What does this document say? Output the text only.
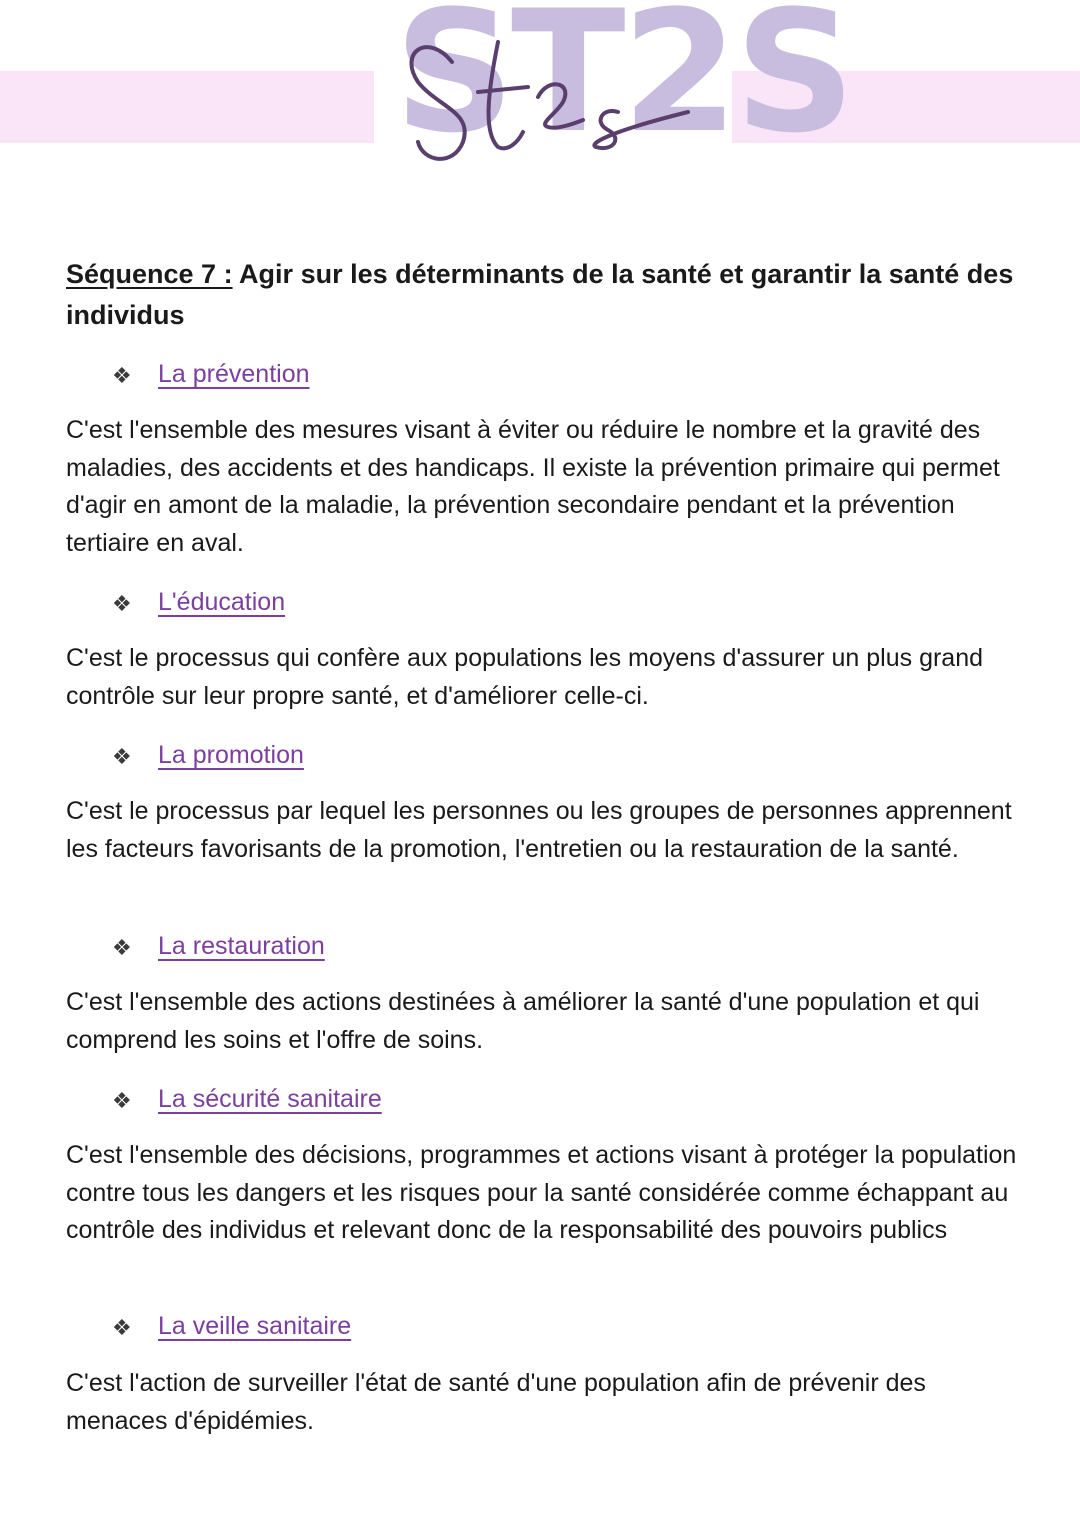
ST2S
Séquence 7 : Agir sur les déterminants de la santé et garantir la santé des individus
❖ La prévention
C'est l'ensemble des mesures visant à éviter ou réduire le nombre et la gravité des maladies, des accidents et des handicaps. Il existe la prévention primaire qui permet d'agir en amont de la maladie, la prévention secondaire pendant et la prévention tertiaire en aval.
❖ L'éducation
C'est le processus qui confère aux populations les moyens d'assurer un plus grand contrôle sur leur propre santé, et d'améliorer celle-ci.
❖ La promotion
C'est le processus par lequel les personnes ou les groupes de personnes apprennent les facteurs favorisants de la promotion, l'entretien ou la restauration de la santé.
❖ La restauration
C'est l'ensemble des actions destinées à améliorer la santé d'une population et qui comprend les soins et l'offre de soins.
❖ La sécurité sanitaire
C'est l'ensemble des décisions, programmes et actions visant à protéger la population contre tous les dangers et les risques pour la santé considérée comme échappant au contrôle des individus et relevant donc de la responsabilité des pouvoirs publics
❖ La veille sanitaire
C'est l'action de surveiller l'état de santé d'une population afin de prévenir des menaces d'épidémies.
